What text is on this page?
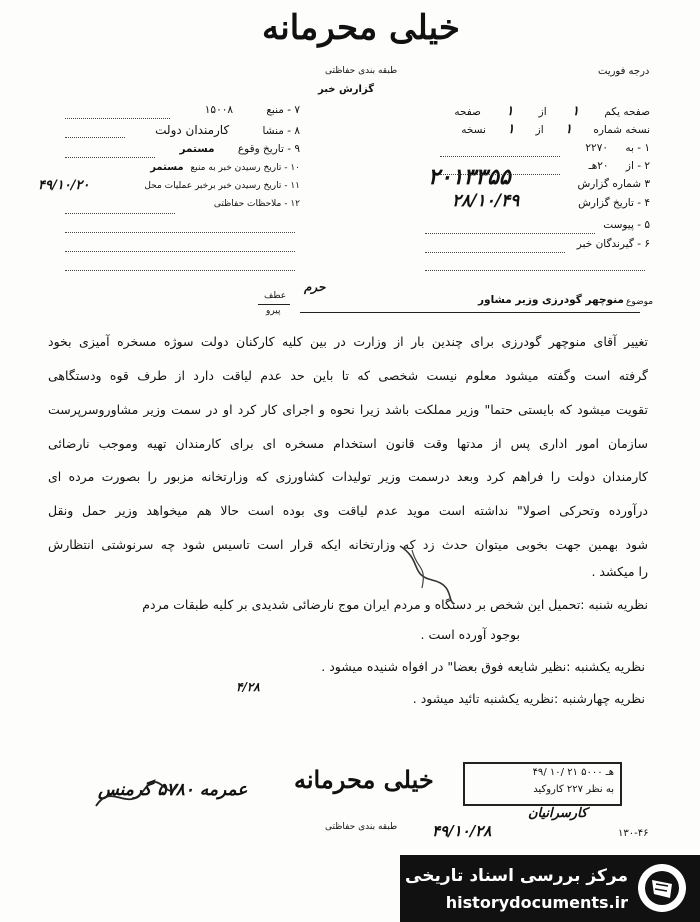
خیلی محرمانه
طبقه بندی حفاظتی	درجه فوریت
گزارش خبر
صفحه یکم ۱ از ۱ صفحه
نسخه شماره ۱ از ۱ نسخه
۱ - به ۲۲۷۰
۲ - از ۲۰هـ
۳ شماره گزارش
۲۰۱۳۳۵۵
۴ - تاریخ گزارش
۲۸/۱۰/۴۹
۵ - پیوست
۶ - گیرندگان خبر
۷ - منبع ۱۵۰۰۸
۸ - منشا کارمندان دولت
۹ - تاریخ وقوع مستمر
۱۰ - تاریخ رسیدن خبر به منبع مستمر
۱۱ - تاریخ رسیدن خبر برخبر عملیات محل
۴۹/۱۰/۲۰
۱۲ - ملاحظات حفاظتی
موضوع
منوچهر گودرزی وزیر مشاور
عطف
پیرو
حرم
تغییر آقای منوچهر گودرزی برای چندین بار از وزارت در بین کلیه کارکنان دولت سوژه مسخره آمیزی بخود
گرفته است وگفته میشود معلوم نیست شخصی که تا باین حد عدم لیاقت دارد از طرف قوه ودستگاهی
تقویت میشود که بایستی حتما" وزیر مملکت باشد زیرا نحوه و اجرای کار کرد او در سمت وزیر مشاوروسرپرست
سازمان امور اداری پس از مدتها وقت قانون استخدام مسخره ای برای کارمندان تهیه وموجب نارضائی
کارمندان دولت را فراهم کرد وبعد درسمت وزیر تولیدات کشاورزی که وزارتخانه مزبور را بصورت مرده ای
درآورده وتحرکی اصولا" نداشته است مويد عدم لیاقت وی بوده است حالا هم میخواهد وزیر حمل ونقل
شود بهمین جهت بخوبی میتوان حدث زد که وزارتخانه ایکه قرار است تاسیس شود چه سرنوشتی انتظارش
را میکشد .
نظریه شنبه :تحمیل این شخص بر دستگاه و مردم ایران موج نارضائی شدیدی بر کلیه طبقات مردم
بوجود آورده است .
نظریه یکشنبه :نظیر شایعه فوق بعضا" در افواه شنیده میشود .
نظریه چهارشنبه :نظریه یکشنبه تائید میشود .
۴/۲۸
عمرمه ۵۷۸۰ گرمنس خیلی محرمانه
طبقه بندی حفاظتی
هـ ۵۰۰۰ ۲۱ /۱۰ /۴۹
به نظر ۲۲۷ کاروکید
۴۹/۱۰/۲۸
کارسرانیان
۱۳۰-۴۶
مرکز بررسی اسناد تاریخی
historydocuments.ir
